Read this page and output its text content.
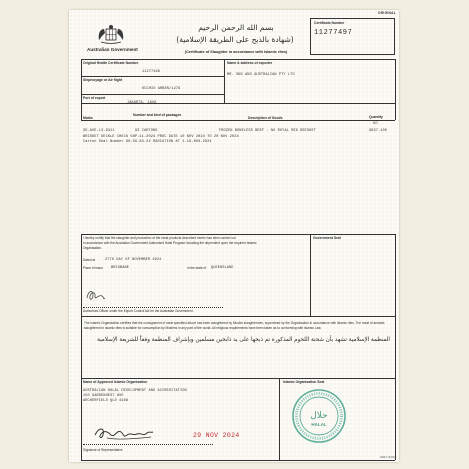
ORIGINAL
Australian Government
بسم الله الرحمن الرحيم
(شهادة بالذبح على الطريقة الإسلامية)
(Certificate of Slaughter in accordance with Islamic rites)
Certificate Number
11277497
Original Health Certificate Number
11277496
Name & address of exporter
MR. SNO AND AUSTRALIAN PTY LTD
Ship/voyage or Air flight
OCCHIO ARBEN/1279
Port of export
JAKARTA, JAVA
Marks
Number and kind of packages
Description of Goods	Quantity
KG
3D-AVE-L3-9311	93 CARTONS	FROZEN BONELESS BEEF - NO ROYAL RED BRISKET	9837.100
BRISKET DECKLE CHECK 5NP-11-2024 PROC DATE 10 NOV 2024 TO 20 NOV 2024
Carton Seal Number 90-59-83-24 RADIATION AT 1.19-003-2024
I hereby certify that the slaughter and production of the meat products described herein has been carried out
in accordance with the Australian Government Authorised Halal Program including the dependent upon the required Islamic
Organisation.
Government Seal
Dated at	27TH DAY OF NOVEMBER 2024
Place of issue BRISBANE	in the state of QUEENSLAND
Authorised Officer under the Export Control Act for the Australian Government
The Islamic Organisation certifies that the consignment of meat specified above has been slaughtered by Muslim slaughtermen, supervised by the Organisation in accordance with Islamic rites. The meat of animals slaughtered in Islamic rites is suitable for consumption by Muslims in any part of the world. All religious requirements have been taken as to conforming with Islamic Law.
المنظمة الإسلامية تشهد بأن شحنة اللحوم المذكورة تم ذبحها على يد ذابحين مسلمين وبإشراف المنظمة وفقاً للشريعة الإسلامية
Name of Approved Islamic Organisation
AUSTRALIAN HALAL DEVELOPMENT AND ACCREDITATION
150 GARDENHEST AVE
ARCHERFIELD QLD 4108
Islamic Organisation Seal
حلال
HALAL
29 NOV 2024
Signature of Representative
E827 (2/22)
